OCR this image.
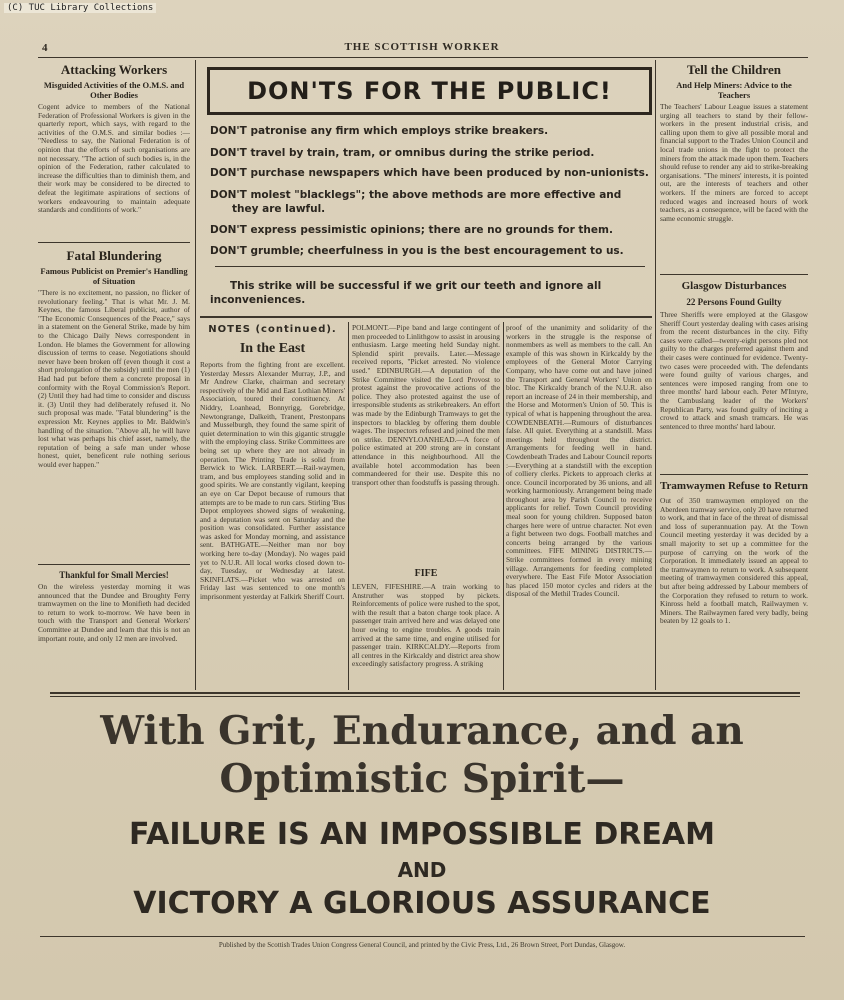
(C) TUC Library Collections
4	THE SCOTTISH WORKER
Attacking Workers
Misguided Activities of the O.M.S. and Other Bodies

Cogent advice to members of the National Federation of Professional Workers is given in the quarterly report, which says, with regard to the activities of the O.M.S. and similar bodies :— "Needless to say, the National Federation is of opinion that the efforts of such organisations are not necessary. "The action of such bodies is, in the opinion of the Federation, rather calculated to increase the difficulties than to diminish them, and their work may be considered to be directed to defeat the legitimate aspirations of sections of workers endeavouring to maintain adequate standards and conditions of work."

Fatal Blundering
Famous Publicist on Premier's Handling of Situation

"There is no excitement, no passion, no flicker of revolutionary feeling." That is what Mr. J. M. Keynes, the famous Liberal publicist, author of "The Economic Consequences of the Peace," says in a statement on the General Strike, made by him to the Chicago Daily News correspondent in London. He blames the Government for allowing discussion of terms to cease. Negotiations should never have been broken off (even though it cost a short prolongation of the subsidy) until the men (1) Had had put before them a concrete proposal in conformity with the Royal Commission's Report. (2) Until they had had time to consider and discuss it. (3) Until they had deliberately refused it. No such proposal was made. "Fatal blundering" is the expression Mr. Keynes applies to Mr. Baldwin's handling of the situation. "Above all, he will have lost what was perhaps his chief asset, namely, the reputation of being a safe man under whose honest, quiet, beneficent rule nothing serious would ever happen."

Thankful for Small Mercies!

On the wireless yesterday morning it was announced that the Dundee and Broughty Ferry tramwaymen on the line to Monifieth had decided to return to work to-morrow. We have been in touch with the Transport and General Workers' Committee at Dundee and learn that this is not an important route, and only 12 men are involved.

DON'TS FOR THE PUBLIC!
DON'T patronise any firm which employs strike breakers.
DON'T travel by train, tram, or omnibus during the strike period.
DON'T purchase newspapers which have been produced by non-unionists.
DON'T molest "blacklegs"; the above methods are more effective and
they are lawful.
DON'T express pessimistic opinions; there are no grounds for them.
DON'T grumble; cheerfulness in you is the best encouragement to us.
This strike will be successful if we grit our teeth and ignore all
inconveniences.
NOTES (continued).
In the East

Reports from the fighting front are excellent. Yesterday Messrs Alexander Murray, J.P., and Mr Andrew Clarke, chairman and secretary respectively of the Mid and East Lothian Miners' Association, toured their constituency. At Niddry, Loanhead, Bonnyrigg, Gorebridge, Newtongrange, Dalkeith, Tranent, Prestonpans and Musselburgh, they found the same spirit of quiet determination to win this gigantic struggle with the employing class. Strike Committees are being set up where they are not already in operation. The Printing Trade is solid from Berwick to Wick. LARBERT.—Rail-waymen, tram, and bus employees standing solid and in good spirits. We are constantly vigilant, keeping an eye on Car Depot because of rumours that attempts are to be made to run cars. Stirling 'Bus Depot employees showed signs of weakening, and a deputation was sent on Saturday and the position was consolidated. Further assistance was asked for Monday morning, and assistance sent. BATHGATE.—Neither man nor boy working here to-day (Monday). No wages paid yet to N.U.R. All local works closed down to-day, Tuesday, or Wednesday at latest. SKINFLATS.—Picket who was arrested on Friday last was sentenced to one month's imprisonment yesterday at Falkirk Sheriff Court.

POLMONT.—Pipe band and large contingent of men proceeded to Linlithgow to assist in arousing enthusiasm. Large meeting held Sunday night. Splendid spirit prevails. Later.—Message received reports, "Picket arrested. No violence used." EDINBURGH.—A deputation of the Strike Committee visited the Lord Provost to protest against the provocative actions of the police. They also protested against the use of irresponsible students as strikebreakers. An effort was made by the Edinburgh Tramways to get the inspectors to blackleg by offering them double wages. The inspectors refused and joined the men on strike. DENNYLOANHEAD.—A force of police estimated at 200 strong are in constant attendance in this neighbourhood. All the available hotel accommodation has been commandeered for their use. Despite this no transport other than foodstuffs is passing through.

FIFE

LEVEN, FIFESHIRE.—A train working to Anstruther was stopped by pickets. Reinforcements of police were rushed to the spot, with the result that a baton charge took place. A passenger train arrived here and was delayed one hour owing to engine troubles. A goods train arrived at the same time, and engine utilised for passenger train. KIRKCALDY.—Reports from all centres in the Kirkcaldy and district area show exceedingly satisfactory progress. A striking

proof of the unanimity and solidarity of the workers in the struggle is the response of nonmembers as well as members to the call. An example of this was shown in Kirkcaldy by the employees of the General Motor Carrying Company, who have come out and have joined the Transport and General Workers' Union en bloc. The Kirkcaldy branch of the N.U.R. also report an increase of 24 in their membership, and the Horse and Motormen's Union of 50. This is typical of what is happening throughout the area. COWDENBEATH.—Rumours of disturbances false. All quiet. Everything at a standstill. Mass meetings held throughout the district. Arrangements for feeding well in hand. Cowdenbeath Trades and Labour Council reports :—Everything at a standstill with the exception of colliery clerks. Pickets to approach clerks at once. Council incorporated by 36 unions, and all working harmoniously. Arrangement being made throughout area by Parish Council to receive applicants for relief. Town Council providing meal soon for young children. Supposed baton charges here were of untrue character. Not even a fight between two dogs. Football matches and concerts being arranged by the various committees. FIFE MINING DISTRICTS.—Strike committees formed in every mining village. Arrangements for feeding completed everywhere. The East Fife Motor Association has placed 150 motor cycles and riders at the disposal of the Methil Trades Council.

Tell the Children
And Help Miners: Advice to the Teachers

The Teachers' Labour League issues a statement urging all teachers to stand by their fellow-workers in the present industrial crisis, and calling upon them to give all possible moral and financial support to the Trades Union Council and local trade unions in the fight to protect the miners from the attack made upon them. Teachers should refuse to render any aid to strike-breaking organisations. "The miners' interests, it is pointed out, are the interests of teachers and other workers. If the miners are forced to accept reduced wages and increased hours of work teachers, as a consequence, will be faced with the same economic struggle.

Glasgow Disturbances
22 Persons Found Guilty

Three Sheriffs were employed at the Glasgow Sheriff Court yesterday dealing with cases arising from the recent disturbances in the city. Fifty cases were called—twenty-eight persons pled not guilty to the charges preferred against them and their cases were continued for evidence. Twenty-two cases were proceeded with. The defendants were found guilty of various charges, and sentences were imposed ranging from one to three months' hard labour each. Peter M'Intyre, the Cambuslang leader of the Workers' Republican Party, was found guilty of inciting a crowd to attack and smash tramcars. He was sentenced to three months' hard labour.

Tramwaymen Refuse to Return

Out of 350 tramwaymen employed on the Aberdeen tramway service, only 20 have returned to work, and that in face of the threat of dismissal and loss of superannuation pay. At the Town Council meeting yesterday it was decided by a small majority to set up a committee for the purpose of carrying on the work of the Corporation. It immediately issued an appeal to the tramwaymen to return to work. A subsequent meeting of tramwaymen considered this appeal, but after being addressed by Labour members of the Corporation they refused to return to work. Kinross held a football match, Railwaymen v. Miners. The Railwaymen fared very badly, being beaten by 12 goals to 1.

With Grit, Endurance, and an
Optimistic Spirit—
FAILURE IS AN IMPOSSIBLE DREAM
AND
VICTORY A GLORIOUS ASSURANCE
Published by the Scottish Trades Union Congress General Council, and printed by the Civic Press, Ltd., 26 Brown Street, Port Dundas, Glasgow.
